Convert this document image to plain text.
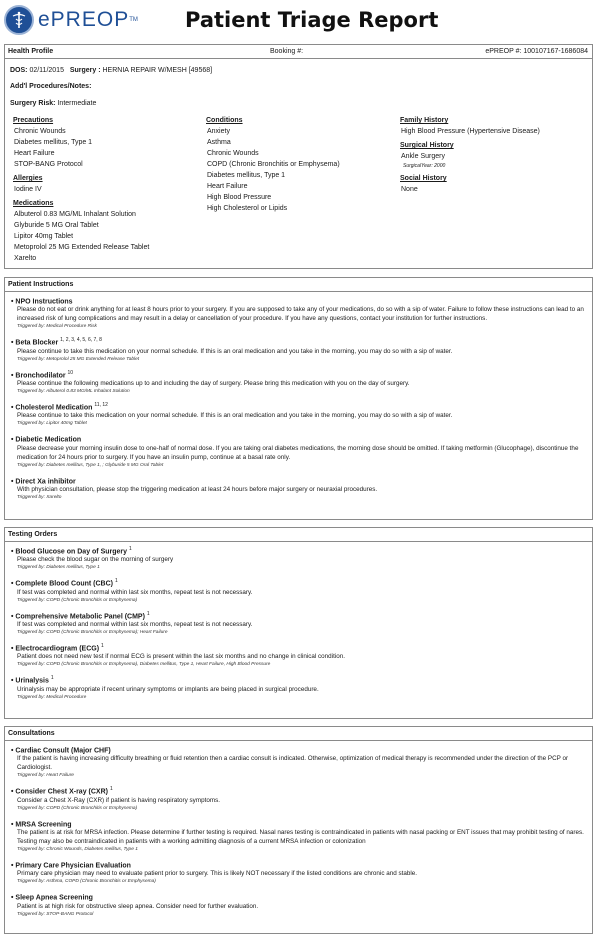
ePREOP TM Patient Triage Report
Health Profile	Booking #:	ePREOP #: 100107167-1686084
DOS: 02/11/2015 Surgery : HERNIA REPAIR W/MESH [49568]
Add'l Procedures/Notes:
Surgery Risk: Intermediate
Precautions
Chronic Wounds
Diabetes mellitus, Type 1
Heart Failure
STOP-BANG Protocol
Allergies
Iodine IV
Medications
Albuterol 0.83 MG/ML Inhalant Solution
Glyburide 5 MG Oral Tablet
Lipitor 40mg Tablet
Metoprolol 25 MG Extended Release Tablet
Xarelto
Conditions
Anxiety
Asthma
Chronic Wounds
COPD (Chronic Bronchitis or Emphysema)
Diabetes mellitus, Type 1
Heart Failure
High Blood Pressure
High Cholesterol or Lipids
Family History
High Blood Pressure (Hypertensive Disease)
Surgical History
Ankle Surgery
SurgicalYear: 2000
Social History
None
Patient Instructions
• NPO Instructions
Please do not eat or drink anything for at least 8 hours prior to your surgery. If you are supposed to take any of your medications, do so with a sip of water. Failure to follow these instructions can lead to an increased risk of lung complications and may result in a delay or cancellation of your procedure. If you have any questions, contact your institution for further instructions.
Triggered by: Medical Procedure Risk
• Beta Blocker $^{1, 2, 3, 4, 5, 6, 7, 8}$
Please continue to take this medication on your normal schedule. If this is an oral medication and you take in the morning, you may do so with a sip of water.
Triggered by: Metoprolol 25 MG Extended Release Tablet
• Bronchodilator $^{10}$
Please continue the following medications up to and including the day of surgery. Please bring this medication with you on the day of surgery.
Triggered by: Albuterol 0.83 MG/ML Inhalant Solution
• Cholesterol Medication $^{11, 12}$
Please continue to take this medication on your normal schedule. If this is an oral medication and you take in the morning, you may do so with a sip of water.
Triggered by: Lipitor 40mg Tablet
• Diabetic Medication
Please decrease your morning insulin dose to one-half of normal dose. If you are taking oral diabetes medications, the morning dose should be omitted. If taking metformin (Glucophage), discontinue the medication for 24 hours prior to surgery. If you have an insulin pump, continue at a basal rate only.
Triggered by: Diabetes mellitus, Type 1, ; Glyburide 5 MG Oral Tablet
• Direct Xa inhibitor
With physician consultation, please stop the triggering medication at least 24 hours before major surgery or neuraxial procedures.
Triggered by: Xarelto
Testing Orders
• Blood Glucose on Day of Surgery $^1$
Please check the blood sugar on the morning of surgery
Triggered by: Diabetes mellitus, Type 1
• Complete Blood Count (CBC) $^1$
If test was completed and normal within last six months, repeat test is not necessary.
Triggered by: COPD (Chronic Bronchitis or Emphysema)
• Comprehensive Metabolic Panel (CMP) $^1$
If test was completed and normal within last six months, repeat test is not necessary.
Triggered by: COPD (Chronic Bronchitis or Emphysema); Heart Failure
• Electrocardiogram (ECG) $^1$
Patient does not need new test if normal ECG is present within the last six months and no change in clinical condition.
Triggered by: COPD (Chronic Bronchitis or Emphysema), Diabetes mellitus, Type 1, Heart Failure, High Blood Pressure
• Urinalysis $^1$
Urinalysis may be appropriate if recent urinary symptoms or implants are being placed in surgical procedure.
Triggered by: Medical Procedure
Consultations
• Cardiac Consult (Major CHF)
If the patient is having increasing difficulty breathing or fluid retention then a cardiac consult is indicated. Otherwise, optimization of medical therapy is recommended under the direction of the PCP or Cardiologist.
Triggered by: Heart Failure
• Consider Chest X-ray (CXR) $^1$
Consider a Chest X-Ray (CXR) if patient is having respiratory symptoms.
Triggered by: COPD (Chronic Bronchitis or Emphysema)
• MRSA Screening
The patient is at risk for MRSA infection. Please determine if further testing is required. Nasal nares testing is contraindicated in patients with nasal packing or ENT issues that may prohibit testing of nares. Testing may also be contraindicated in patients with a working admitting diagnosis of a current MRSA infection or colonization
Triggered by: Chronic Wounds, Diabetes mellitus, Type 1
• Primary Care Physician Evaluation
Primary care physician may need to evaluate patient prior to surgery. This is likely NOT necessary if the listed conditions are chronic and stable.
Triggered by: Asthma, COPD (Chronic Bronchitis or Emphysema)
• Sleep Apnea Screening
Patient is at high risk for obstructive sleep apnea. Consider need for further evaluation.
Triggered by: STOP-BANG Protocol
